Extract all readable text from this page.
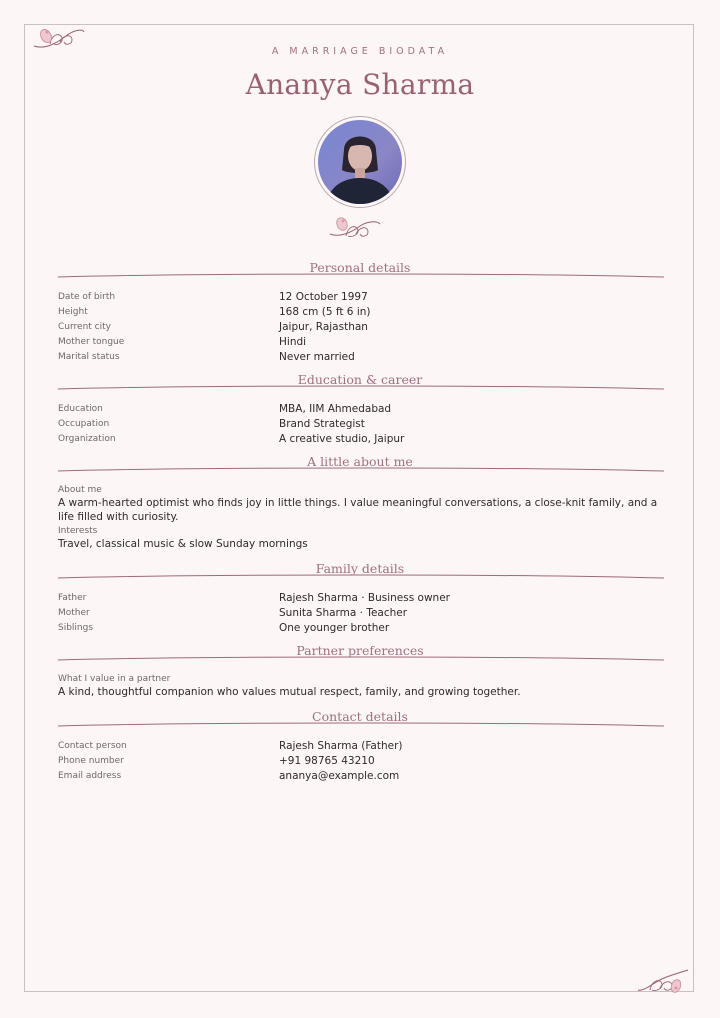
A MARRIAGE BIODATA
Ananya Sharma
Personal details
Date of birth	12 October 1997
Height	168 cm (5 ft 6 in)
Current city	Jaipur, Rajasthan
Mother tongue	Hindi
Marital status	Never married
Education & career
Education	MBA, IIM Ahmedabad
Occupation	Brand Strategist
Organization	A creative studio, Jaipur
A little about me
About me
A warm-hearted optimist who finds joy in little things. I value meaningful conversations, a close-knit family, and a life filled with curiosity.
Interests
Travel, classical music & slow Sunday mornings
Family details
Father	Rajesh Sharma · Business owner
Mother	Sunita Sharma · Teacher
Siblings	One younger brother
Partner preferences
What I value in a partner
A kind, thoughtful companion who values mutual respect, family, and growing together.
Contact details
Contact person	Rajesh Sharma (Father)
Phone number	+91 98765 43210
Email address	ananya@example.com
